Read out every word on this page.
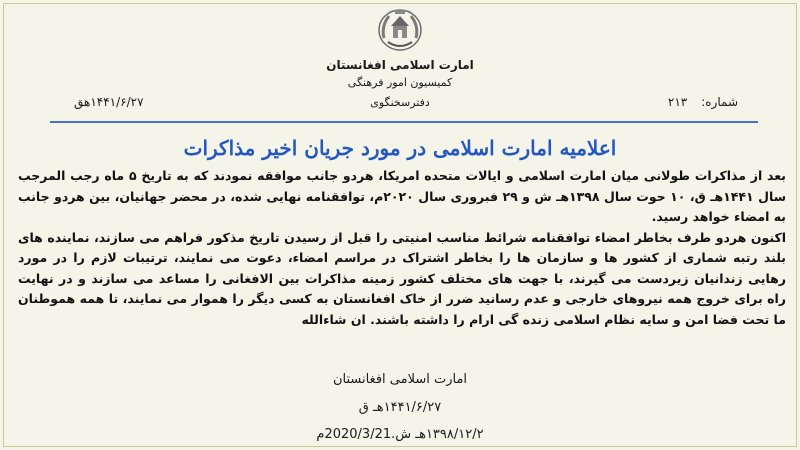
امارت اسلامی افغانستان
کمیسیون امور فرهنگی
دفترسخنگوی	شماره:۲۱۳
۱۴۴۱/۶/۲۷هق
اعلامیه امارت اسلامی در مورد جریان اخیر مذاکرات

بعد از مذاکرات طولانی میان امارت اسلامی و ایالات متحده امریکا، هردو جانب موافقه نمودند که به تاریخ ۵ ماه رجب المرجب سال ۱۴۴۱هـ ق، ۱۰ حوت سال ۱۳۹۸هـ ش و ۲۹ فبروری سال ۲۰۲۰م، توافقنامه نهایی شده، در محضر جهانیان، بین هردو جانب به امضاء خواهد رسید.

اکنون هردو طرف بخاطر امضاء توافقنامه شرائط مناسب امنیتی را قبل از رسیدن تاریخ مذکور فراهم می سازند، نماینده های بلند رتبه شماری از کشور ها و سازمان ها را بخاطر اشتراک در مراسم امضاء، دعوت می نمایند، ترتیبات لازم را در مورد رهایی زندانیان زیردست می گیرند، با جهت های مختلف کشور زمینه مذاکرات بین الافغانی را مساعد می سازند و در نهایت راه برای خروج همه نیروهای خارجی و عدم رسانید ضرر از خاک افغانستان به کسی دیگر را هموار می نمایند، تا همه هموطنان ما تحت فضا امن و سایه نظام اسلامی زنده گی ارام را داشته باشند. ان شاءالله

امارت اسلامی افغانستان
۱۴۴۱/۶/۲۷هـ ق
۱۳۹۸/۱۲/۲هـ ش.2020/3/21م
